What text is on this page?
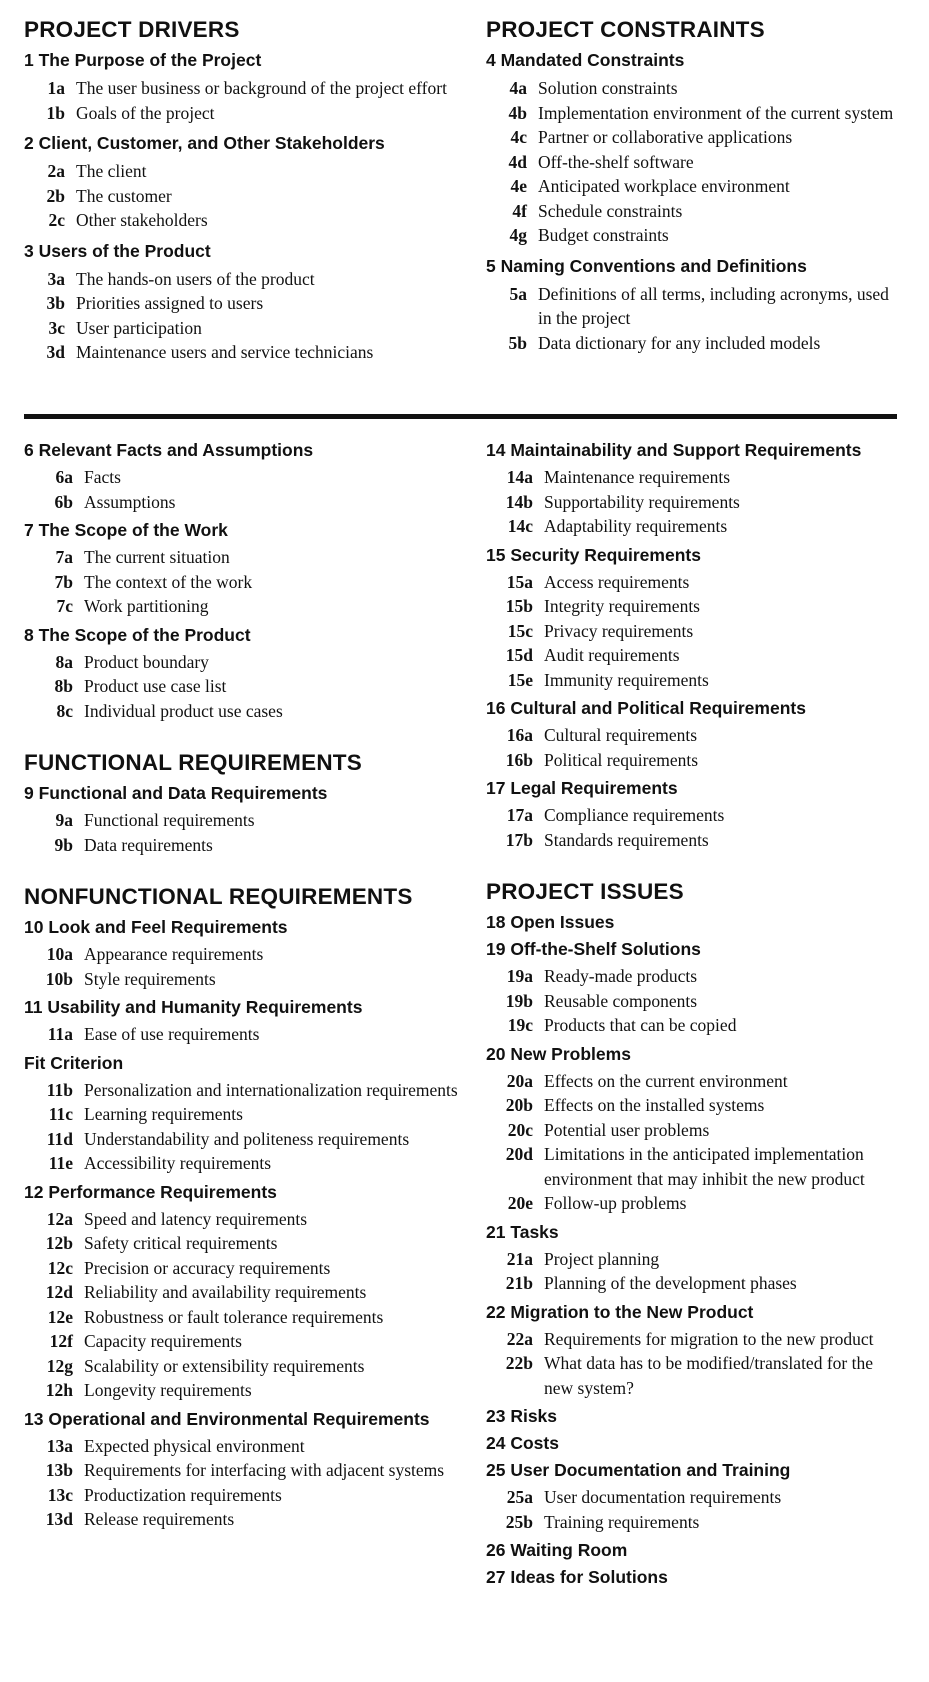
PROJECT DRIVERS
1 The Purpose of the Project
1a The user business or background of the project effort
1b Goals of the project
2 Client, Customer, and Other Stakeholders
2a The client
2b The customer
2c Other stakeholders
3 Users of the Product
3a The hands-on users of the product
3b Priorities assigned to users
3c User participation
3d Maintenance users and service technicians
PROJECT CONSTRAINTS
4 Mandated Constraints
4a Solution constraints
4b Implementation environment of the current system
4c Partner or collaborative applications
4d Off-the-shelf software
4e Anticipated workplace environment
4f Schedule constraints
4g Budget constraints
5 Naming Conventions and Definitions
5a Definitions of all terms, including acronyms, used in the project
5b Data dictionary for any included models
6 Relevant Facts and Assumptions
6a Facts
6b Assumptions
7 The Scope of the Work
7a The current situation
7b The context of the work
7c Work partitioning
8 The Scope of the Product
8a Product boundary
8b Product use case list
8c Individual product use cases
FUNCTIONAL REQUIREMENTS
9 Functional and Data Requirements
9a Functional requirements
9b Data requirements
NONFUNCTIONAL REQUIREMENTS
10 Look and Feel Requirements
10a Appearance requirements
10b Style requirements
11 Usability and Humanity Requirements
11a Ease of use requirements
Fit Criterion
11b Personalization and internationalization requirements
11c Learning requirements
11d Understandability and politeness requirements
11e Accessibility requirements
12 Performance Requirements
12a Speed and latency requirements
12b Safety critical requirements
12c Precision or accuracy requirements
12d Reliability and availability requirements
12e Robustness or fault tolerance requirements
12f Capacity requirements
12g Scalability or extensibility requirements
12h Longevity requirements
13 Operational and Environmental Requirements
13a Expected physical environment
13b Requirements for interfacing with adjacent systems
13c Productization requirements
13d Release requirements
14 Maintainability and Support Requirements
14a Maintenance requirements
14b Supportability requirements
14c Adaptability requirements
15 Security Requirements
15a Access requirements
15b Integrity requirements
15c Privacy requirements
15d Audit requirements
15e Immunity requirements
16 Cultural and Political Requirements
16a Cultural requirements
16b Political requirements
17 Legal Requirements
17a Compliance requirements
17b Standards requirements
PROJECT ISSUES
18 Open Issues
19 Off-the-Shelf Solutions
19a Ready-made products
19b Reusable components
19c Products that can be copied
20 New Problems
20a Effects on the current environment
20b Effects on the installed systems
20c Potential user problems
20d Limitations in the anticipated implementation environment that may inhibit the new product
20e Follow-up problems
21 Tasks
21a Project planning
21b Planning of the development phases
22 Migration to the New Product
22a Requirements for migration to the new product
22b What data has to be modified/translated for the new system?
23 Risks
24 Costs
25 User Documentation and Training
25a User documentation requirements
25b Training requirements
26 Waiting Room
27 Ideas for Solutions
